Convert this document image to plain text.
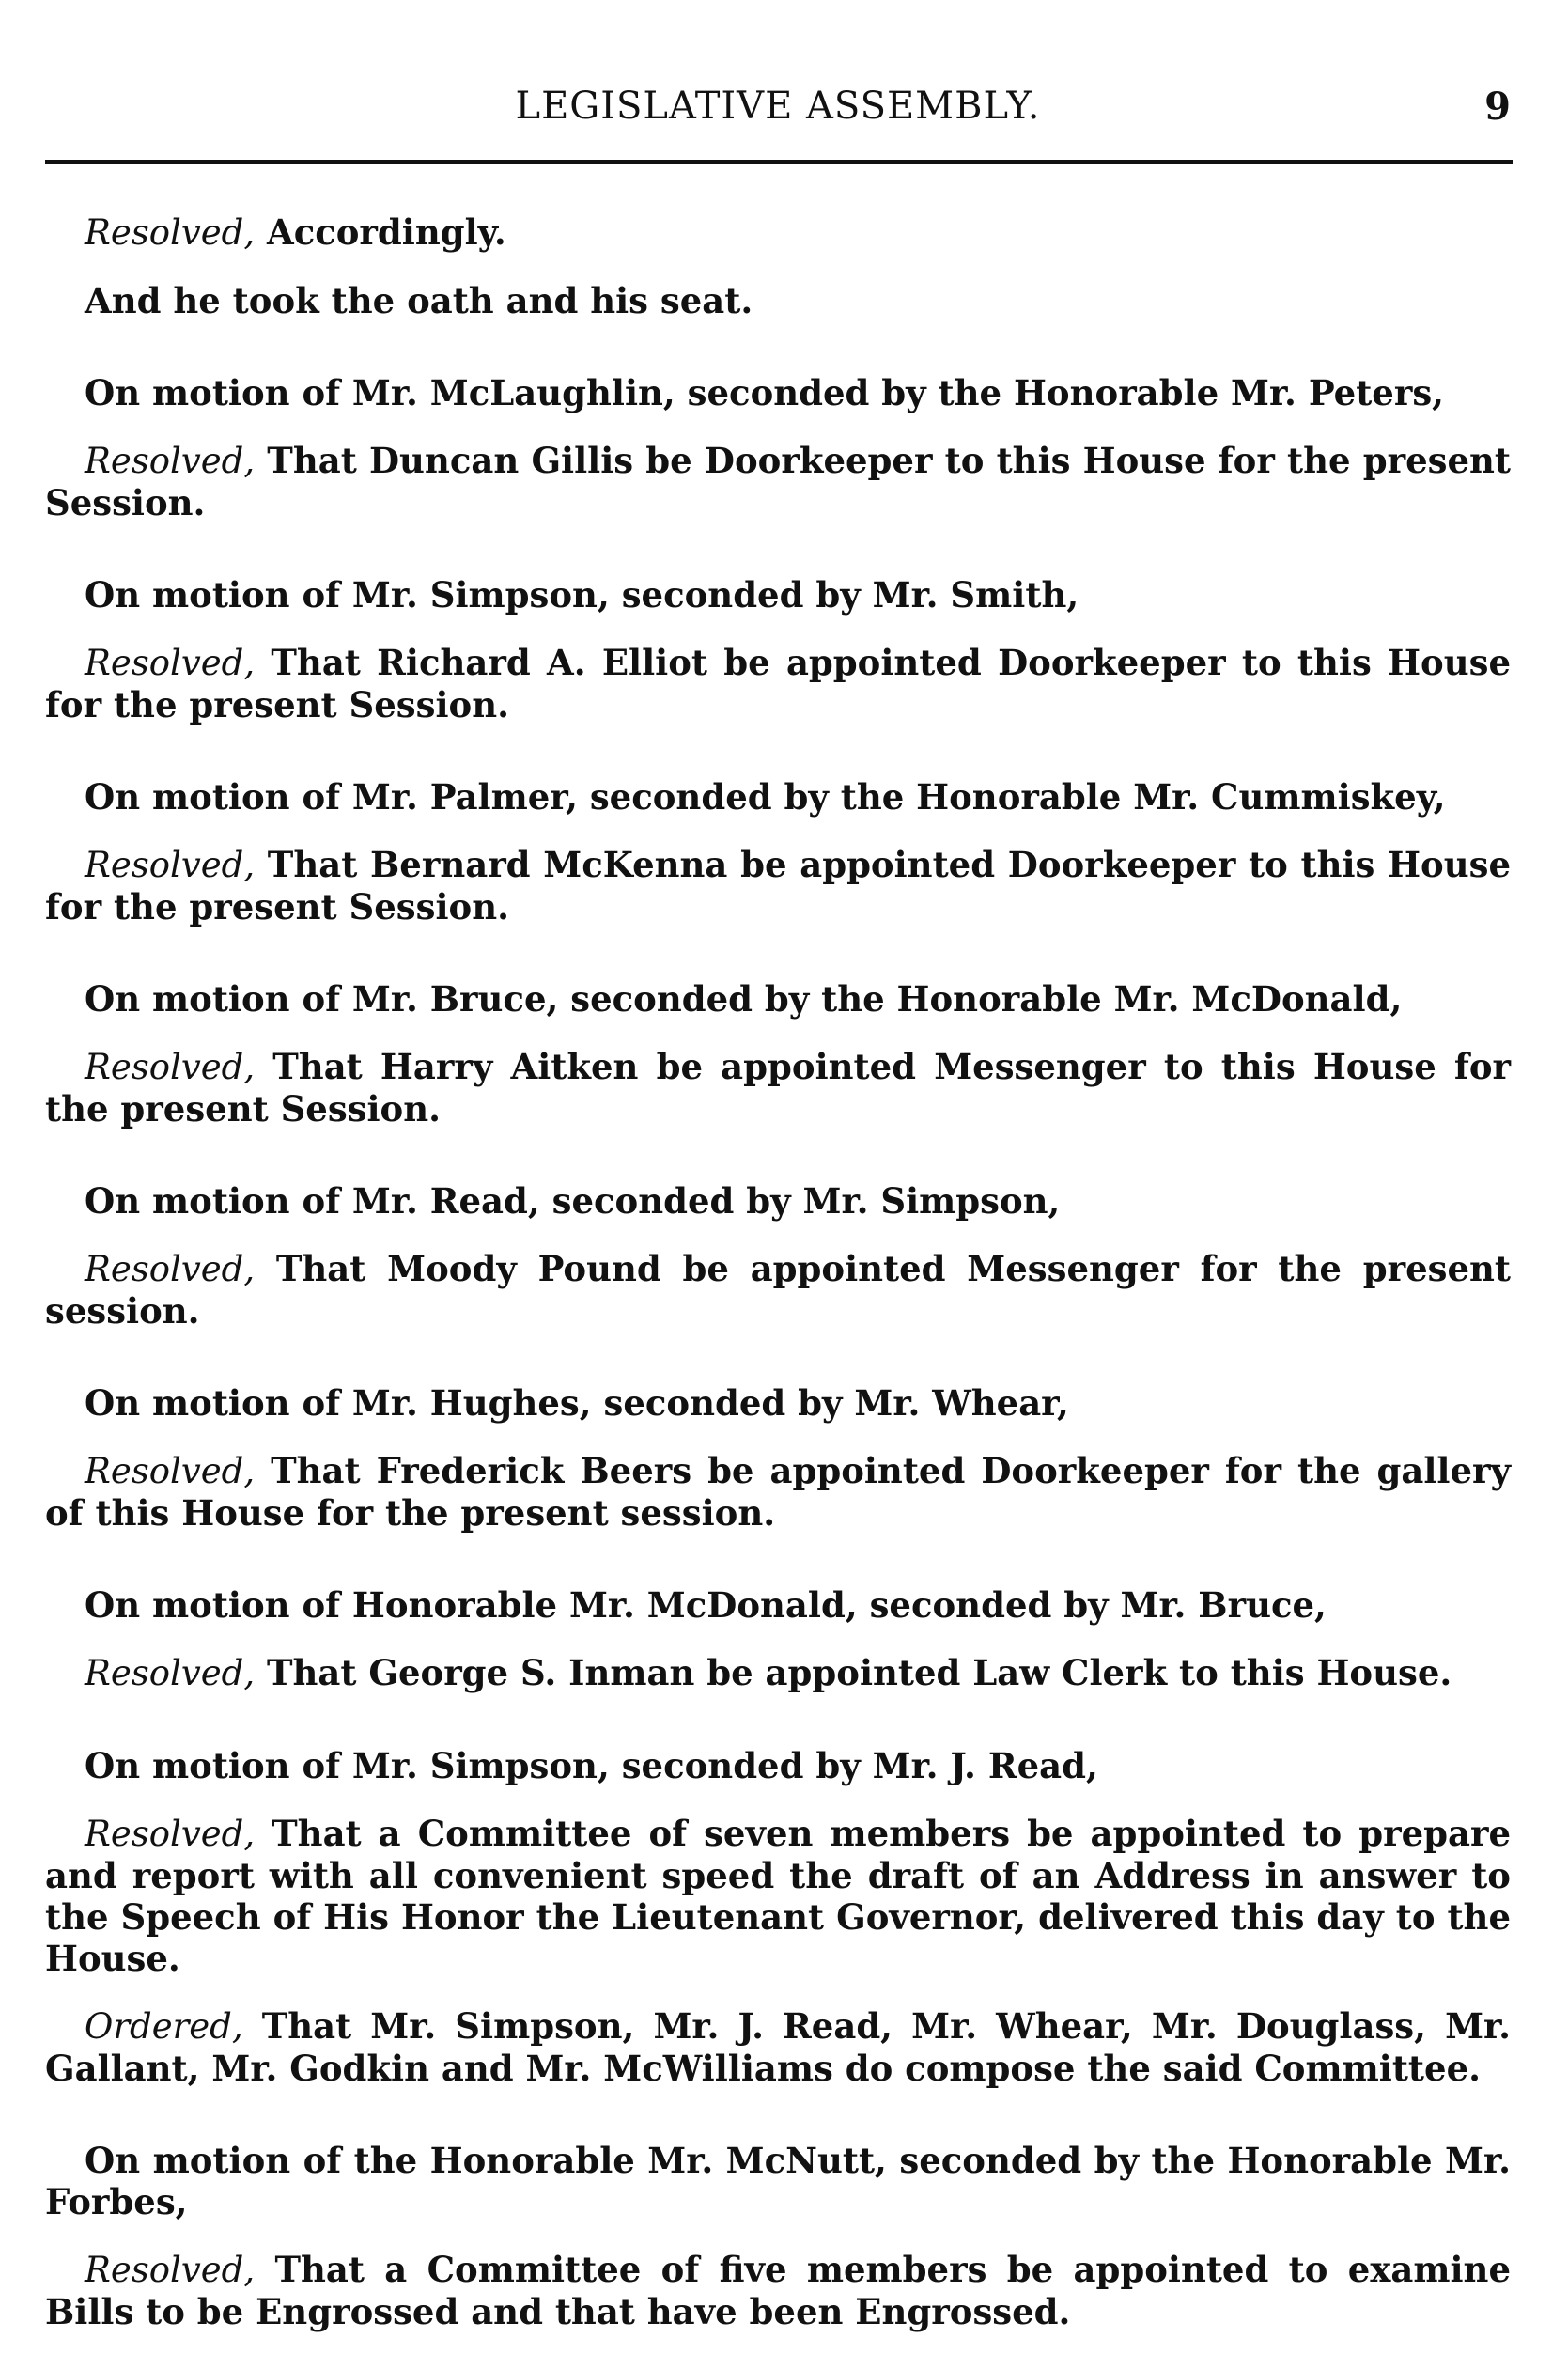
LEGISLATIVE ASSEMBLY.	9

Resolved, Accordingly.

And he took the oath and his seat.

On motion of Mr. McLaughlin, seconded by the Honorable Mr. Peters,

Resolved, That Duncan Gillis be Doorkeeper to this House for the present Session.

On motion of Mr. Simpson, seconded by Mr. Smith,

Resolved, That Richard A. Elliot be appointed Doorkeeper to this House for the present Session.

On motion of Mr. Palmer, seconded by the Honorable Mr. Cummiskey,

Resolved, That Bernard McKenna be appointed Doorkeeper to this House for the present Session.

On motion of Mr. Bruce, seconded by the Honorable Mr. McDonald,

Resolved, That Harry Aitken be appointed Messenger to this House for the present Session.

On motion of Mr. Read, seconded by Mr. Simpson,

Resolved, That Moody Pound be appointed Messenger for the present session.

On motion of Mr. Hughes, seconded by Mr. Whear,

Resolved, That Frederick Beers be appointed Doorkeeper for the gallery of this House for the present session.

On motion of Honorable Mr. McDonald, seconded by Mr. Bruce,

Resolved, That George S. Inman be appointed Law Clerk to this House.

On motion of Mr. Simpson, seconded by Mr. J. Read,

Resolved, That a Committee of seven members be appointed to prepare and report with all convenient speed the draft of an Address in answer to the Speech of His Honor the Lieutenant Governor, delivered this day to the House.

Ordered, That Mr. Simpson, Mr. J. Read, Mr. Whear, Mr. Douglass, Mr. Gallant, Mr. Godkin and Mr. McWilliams do compose the said Committee.

On motion of the Honorable Mr. McNutt, seconded by the Honorable Mr. Forbes,

Resolved, That a Committee of five members be appointed to examine Bills to be Engrossed and that have been Engrossed.
